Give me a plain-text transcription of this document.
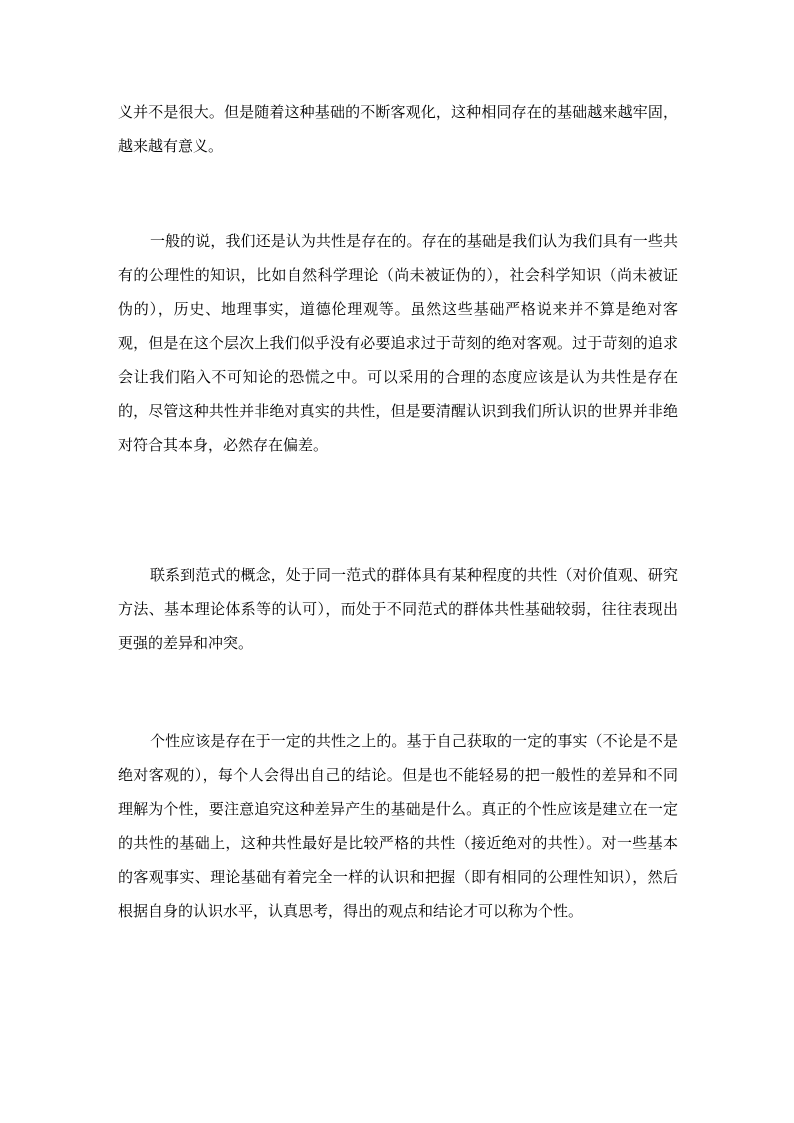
义并不是很大。但是随着这种基础的不断客观化，这种相同存在的基础越来越牢固，越来越有意义。

一般的说，我们还是认为共性是存在的。存在的基础是我们认为我们具有一些共有的公理性的知识，比如自然科学理论（尚未被证伪的），社会科学知识（尚未被证伪的），历史、地理事实，道德伦理观等。虽然这些基础严格说来并不算是绝对客观，但是在这个层次上我们似乎没有必要追求过于苛刻的绝对客观。过于苛刻的追求会让我们陷入不可知论的恐慌之中。可以采用的合理的态度应该是认为共性是存在的，尽管这种共性并非绝对真实的共性，但是要清醒认识到我们所认识的世界并非绝对符合其本身，必然存在偏差。

联系到范式的概念，处于同一范式的群体具有某种程度的共性（对价值观、研究方法、基本理论体系等的认可），而处于不同范式的群体共性基础较弱，往往表现出更强的差异和冲突。

个性应该是存在于一定的共性之上的。基于自己获取的一定的事实（不论是不是绝对客观的），每个人会得出自己的结论。但是也不能轻易的把一般性的差异和不同理解为个性，要注意追究这种差异产生的基础是什么。真正的个性应该是建立在一定的共性的基础上，这种共性最好是比较严格的共性（接近绝对的共性）。对一些基本的客观事实、理论基础有着完全一样的认识和把握（即有相同的公理性知识），然后根据自身的认识水平，认真思考，得出的观点和结论才可以称为个性。
